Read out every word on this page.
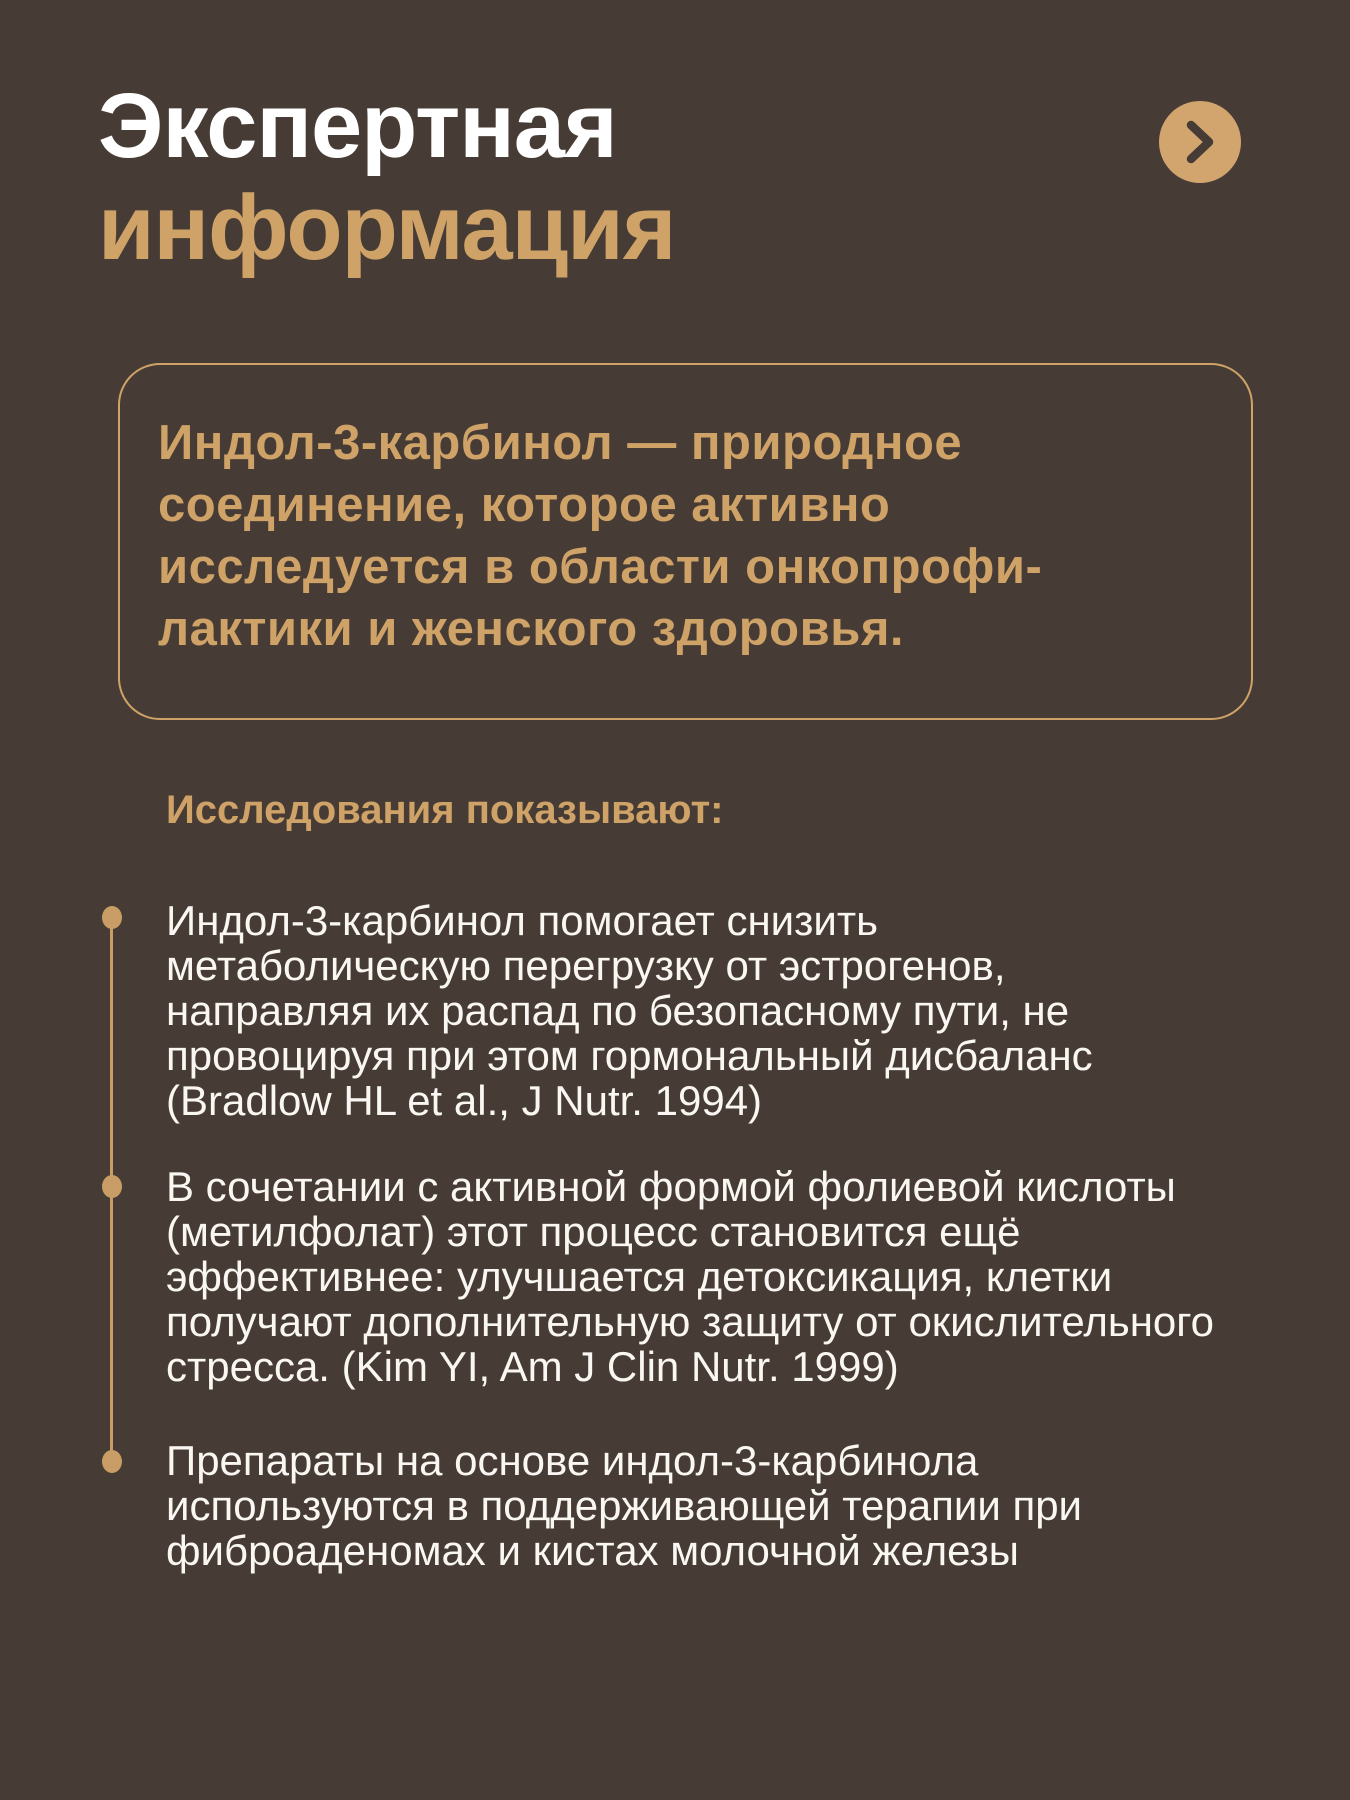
Экспертная
информация

Индол-3-карбинол — природное
соединение, которое активно
исследуется в области онкопрофи-
лактики и женского здоровья.

Исследования показывают:
Индол-3-карбинол помогает снизить
метаболическую перегрузку от эстрогенов,
направляя их распад по безопасному пути, не
провоцируя при этом гормональный дисбаланс
(Bradlow HL et al., J Nutr. 1994)
В сочетании с активной формой фолиевой кислоты
(метилфолат) этот процесс становится ещё
эффективнее: улучшается детоксикация, клетки
получают дополнительную защиту от окислительного
стресса. (Kim YI, Am J Clin Nutr. 1999)
Препараты на основе индол-3-карбинола
используются в поддерживающей терапии при
фиброаденомах и кистах молочной железы
